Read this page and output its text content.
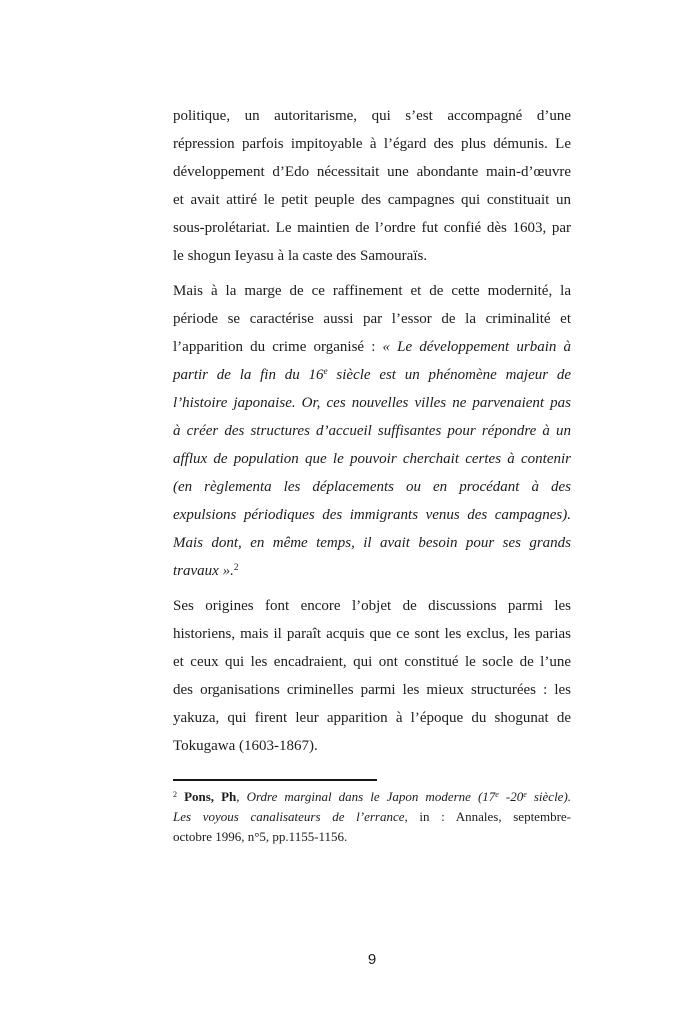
politique, un autoritarisme, qui s’est accompagné d’une
répression parfois impitoyable à l’égard des plus démunis. Le
développement d’Edo nécessitait une abondante main-d’œuvre
et avait attiré le petit peuple des campagnes qui constituait un
sous-prolétariat. Le maintien de l’ordre fut confié dès 1603, par
le shogun Ieyasu à la caste des Samouraïs.
Mais à la marge de ce raffinement et de cette modernité, la
période se caractérise aussi par l’essor de la criminalité et
l’apparition du crime organisé : « Le développement urbain à
partir de la fin du 16e siècle est un phénomène majeur de
l’histoire japonaise. Or, ces nouvelles villes ne parvenaient pas
à créer des structures d’accueil suffisantes pour répondre à un
afflux de population que le pouvoir cherchait certes à contenir
(en règlementa les déplacements ou en procédant à des
expulsions périodiques des immigrants venus des campagnes).
Mais dont, en même temps, il avait besoin pour ses grands
travaux ».$^2$
Ses origines font encore l’objet de discussions parmi les
historiens, mais il paraît acquis que ce sont les exclus, les parias
et ceux qui les encadraient, qui ont constitué le socle de l’une
des organisations criminelles parmi les mieux structurées : les
yakuza, qui firent leur apparition à l’époque du shogunat de
Tokugawa (1603-1867).
$^2$ Pons, Ph, Ordre marginal dans le Japon moderne (17e -20e siècle).
Les voyous canalisateurs de l’errance, in : Annales, septembre-
octobre 1996, n°5, pp.1155-1156.
9
